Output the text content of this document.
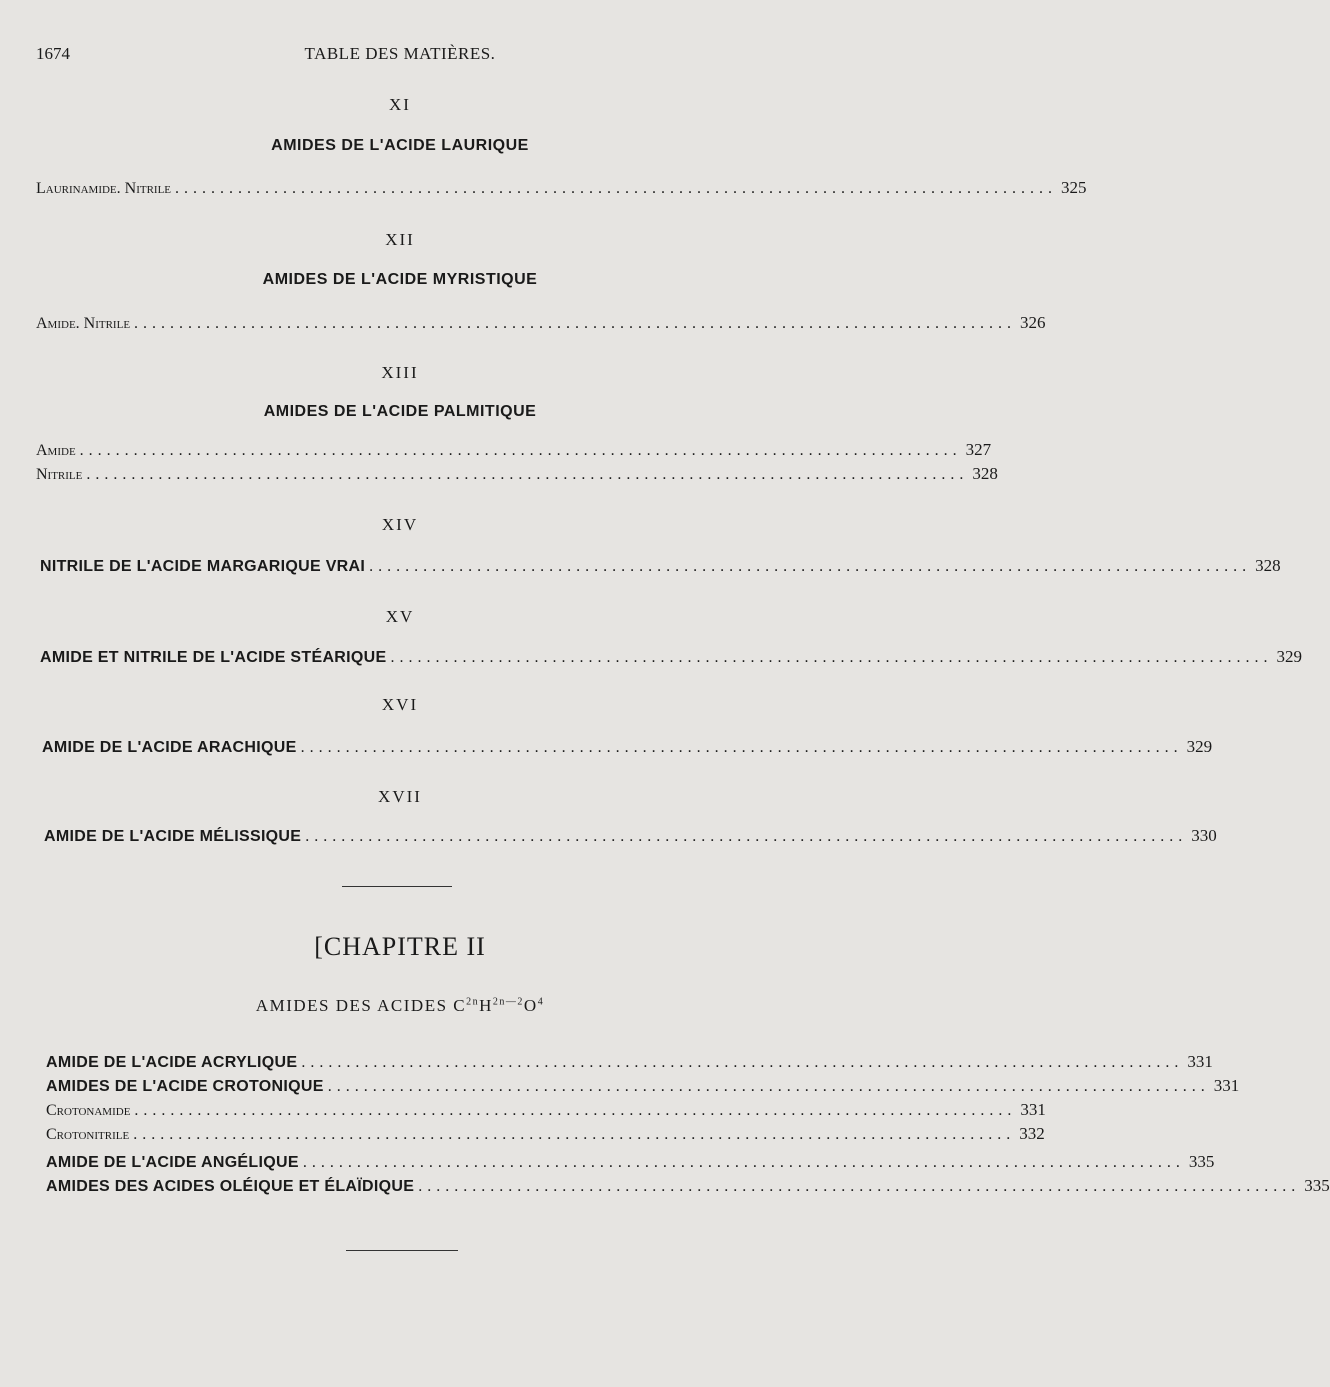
1674	TABLE DES MATIÈRES.
XI
AMIDES DE L'ACIDE LAURIQUE
Laurinamide. Nitrile .................................................................................................. 325
XII
AMIDES DE L'ACIDE MYRISTIQUE
Amide. Nitrile .................................................................................................. 326
XIII
AMIDES DE L'ACIDE PALMITIQUE
Amide .................................................................................................. 327
Nitrile .................................................................................................. 328
XIV
NITRILE DE L'ACIDE MARGARIQUE VRAI .................................................................................................. 328
XV
AMIDE ET NITRILE DE L'ACIDE STÉARIQUE .................................................................................................. 329
XVI
AMIDE DE L'ACIDE ARACHIQUE .................................................................................................. 329
XVII
AMIDE DE L'ACIDE MÉLISSIQUE .................................................................................................. 330
[CHAPITRE II
AMIDES DES ACIDES $C^{2n}H^{2n—2}O^4$
AMIDE DE L'ACIDE ACRYLIQUE .................................................................................................. 331
AMIDES DE L'ACIDE CROTONIQUE .................................................................................................. 331
Crotonamide .................................................................................................. 331
Crotonitrile .................................................................................................. 332
AMIDE DE L'ACIDE ANGÉLIQUE .................................................................................................. 335
AMIDES DES ACIDES OLÉIQUE ET ÉLAÏDIQUE .................................................................................................. 335
